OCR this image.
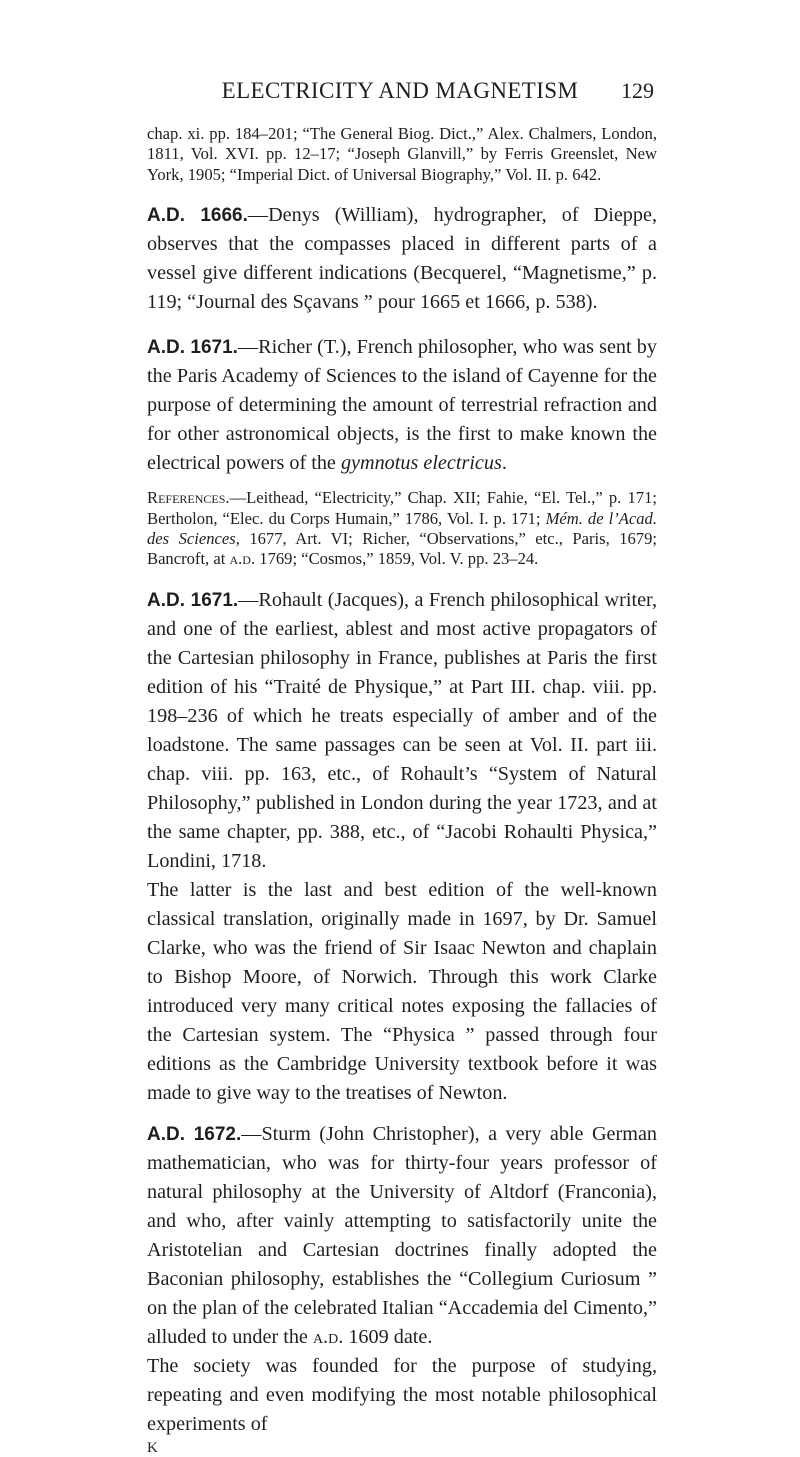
ELECTRICITY AND MAGNETISM	129

chap. xi. pp. 184–201; “The General Biog. Dict.,” Alex. Chalmers, London, 1811, Vol. XVI. pp. 12–17; “Joseph Glanvill,” by Ferris Greenslet, New York, 1905; “Imperial Dict. of Universal Biography,” Vol. II. p. 642.

A.D. 1666.—Denys (William), hydrographer, of Dieppe, observes that the compasses placed in different parts of a vessel give different indications (Becquerel, “Magnetisme,” p. 119; “Journal des Sçavans ” pour 1665 et 1666, p. 538).

A.D. 1671.—Richer (T.), French philosopher, who was sent by the Paris Academy of Sciences to the island of Cayenne for the purpose of determining the amount of terrestrial refraction and for other astronomical objects, is the first to make known the electrical powers of the gymnotus electricus.

References.—Leithead, “Electricity,” Chap. XII; Fahie, “El. Tel.,” p. 171; Bertholon, “Elec. du Corps Humain,” 1786, Vol. I. p. 171; Mém. de l’Acad. des Sciences, 1677, Art. VI; Richer, “Observations,” etc., Paris, 1679; Bancroft, at a.d. 1769; “Cosmos,” 1859, Vol. V. pp. 23–24.

A.D. 1671.—Rohault (Jacques), a French philosophical writer, and one of the earliest, ablest and most active propagators of the Cartesian philosophy in France, publishes at Paris the first edition of his “Traité de Physique,” at Part III. chap. viii. pp. 198–236 of which he treats especially of amber and of the loadstone. The same passages can be seen at Vol. II. part iii. chap. viii. pp. 163, etc., of Rohault’s “System of Natural Philosophy,” published in London during the year 1723, and at the same chapter, pp. 388, etc., of “Jacobi Rohaulti Physica,” Londini, 1718.

The latter is the last and best edition of the well-known classical translation, originally made in 1697, by Dr. Samuel Clarke, who was the friend of Sir Isaac Newton and chaplain to Bishop Moore, of Norwich. Through this work Clarke introduced very many critical notes exposing the fallacies of the Cartesian system. The “Physica ” passed through four editions as the Cambridge University textbook before it was made to give way to the treatises of Newton.

A.D. 1672.—Sturm (John Christopher), a very able German mathematician, who was for thirty-four years professor of natural philosophy at the University of Altdorf (Franconia), and who, after vainly attempting to satisfactorily unite the Aristotelian and Cartesian doctrines finally adopted the Baconian philosophy, establishes the “Collegium Curiosum ” on the plan of the celebrated Italian “Accademia del Cimento,” alluded to under the a.d. 1609 date.

The society was founded for the purpose of studying, repeating and even modifying the most notable philosophical experiments of

K
